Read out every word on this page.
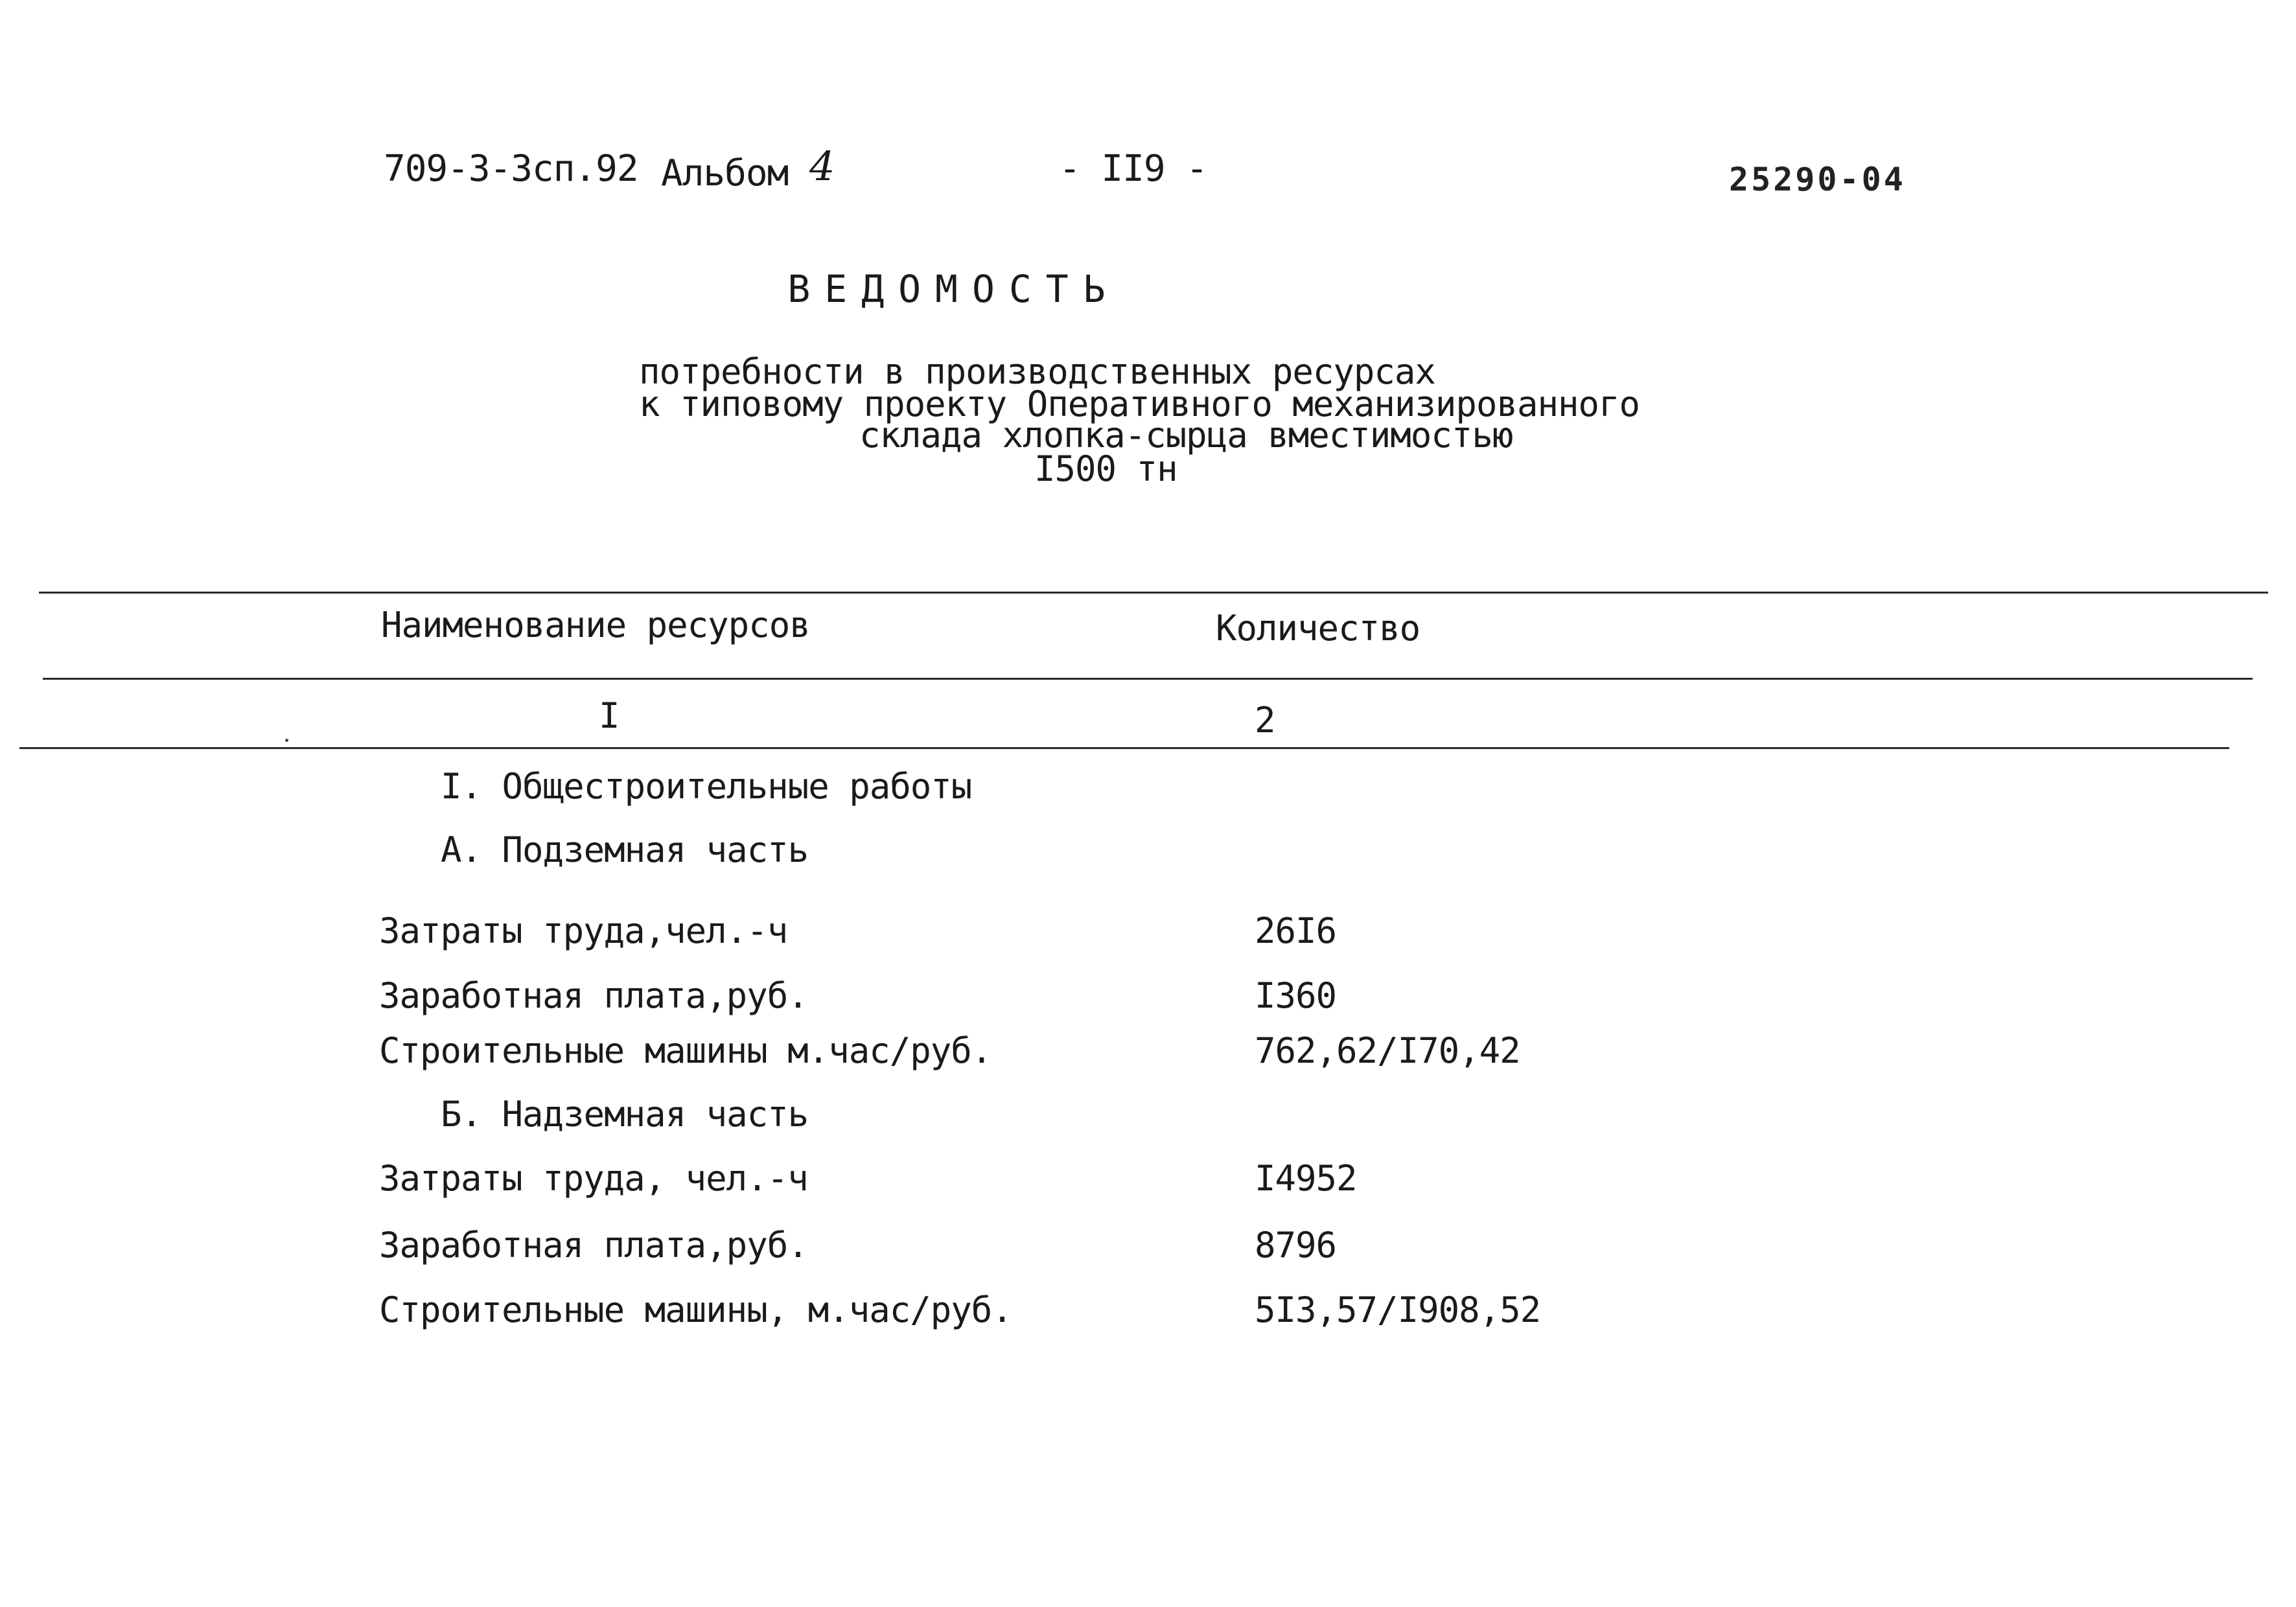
709-3-3сп.92 Альбом 4	- II9 -	25290-04
ВЕДОМОСТЬ
потребности в производственных ресурсах
к типовому проекту Оперативного механизированного
склада хлопка-сырца вместимостью
I500 тн
Наименование ресурсов	Количество
I	2
I. Общестроительные работы
А. Подземная часть
Затраты труда,чел.-ч	26I6
Заработная плата,руб.	I360
Строительные машины м.час/руб.	762,62/I70,42
Б. Надземная часть
Затраты труда, чел.-ч	I4952
Заработная плата,руб.	8796
Строительные машины, м.час/руб.	5I3,57/I908,52
